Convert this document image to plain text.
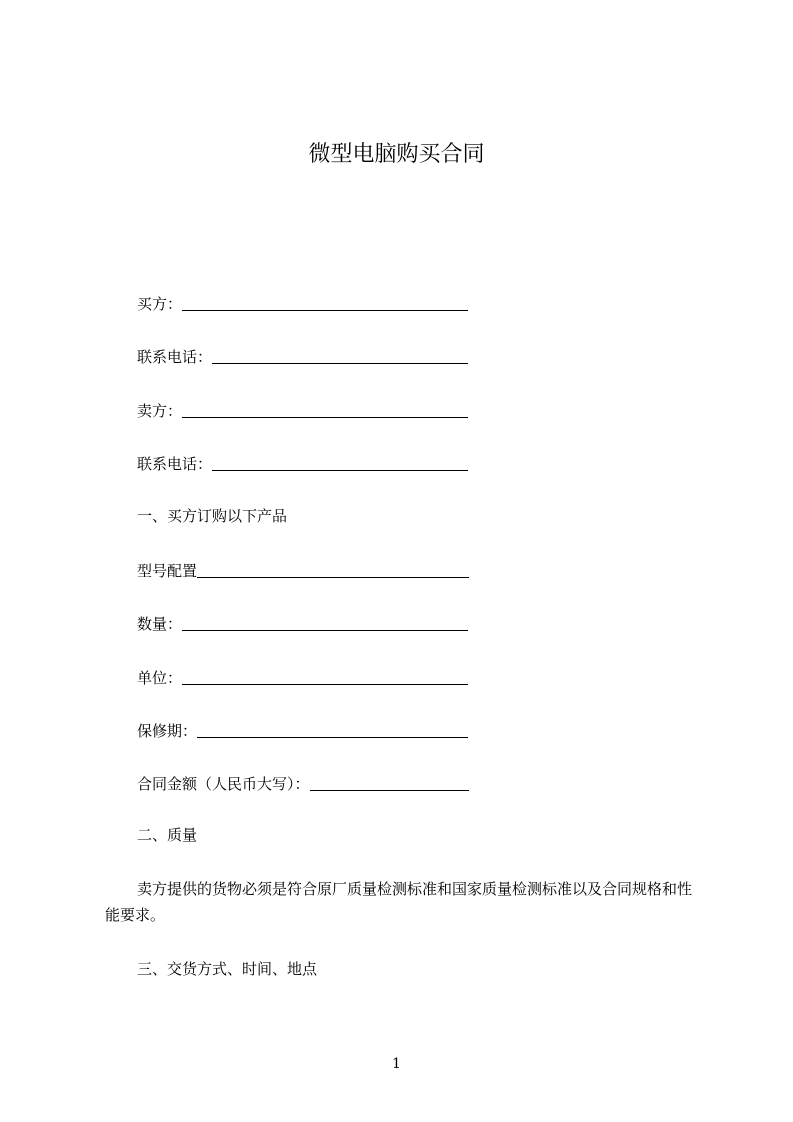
微型电脑购买合同
买方：
联系电话：
卖方：
联系电话：
一、买方订购以下产品
型号配置
数量：
单位：
保修期：
合同金额（人民币大写）：
二、质量
卖方提供的货物必须是符合原厂质量检测标准和国家质量检测标准以及合同规格和性能要求。
三、交货方式、时间、地点
1
